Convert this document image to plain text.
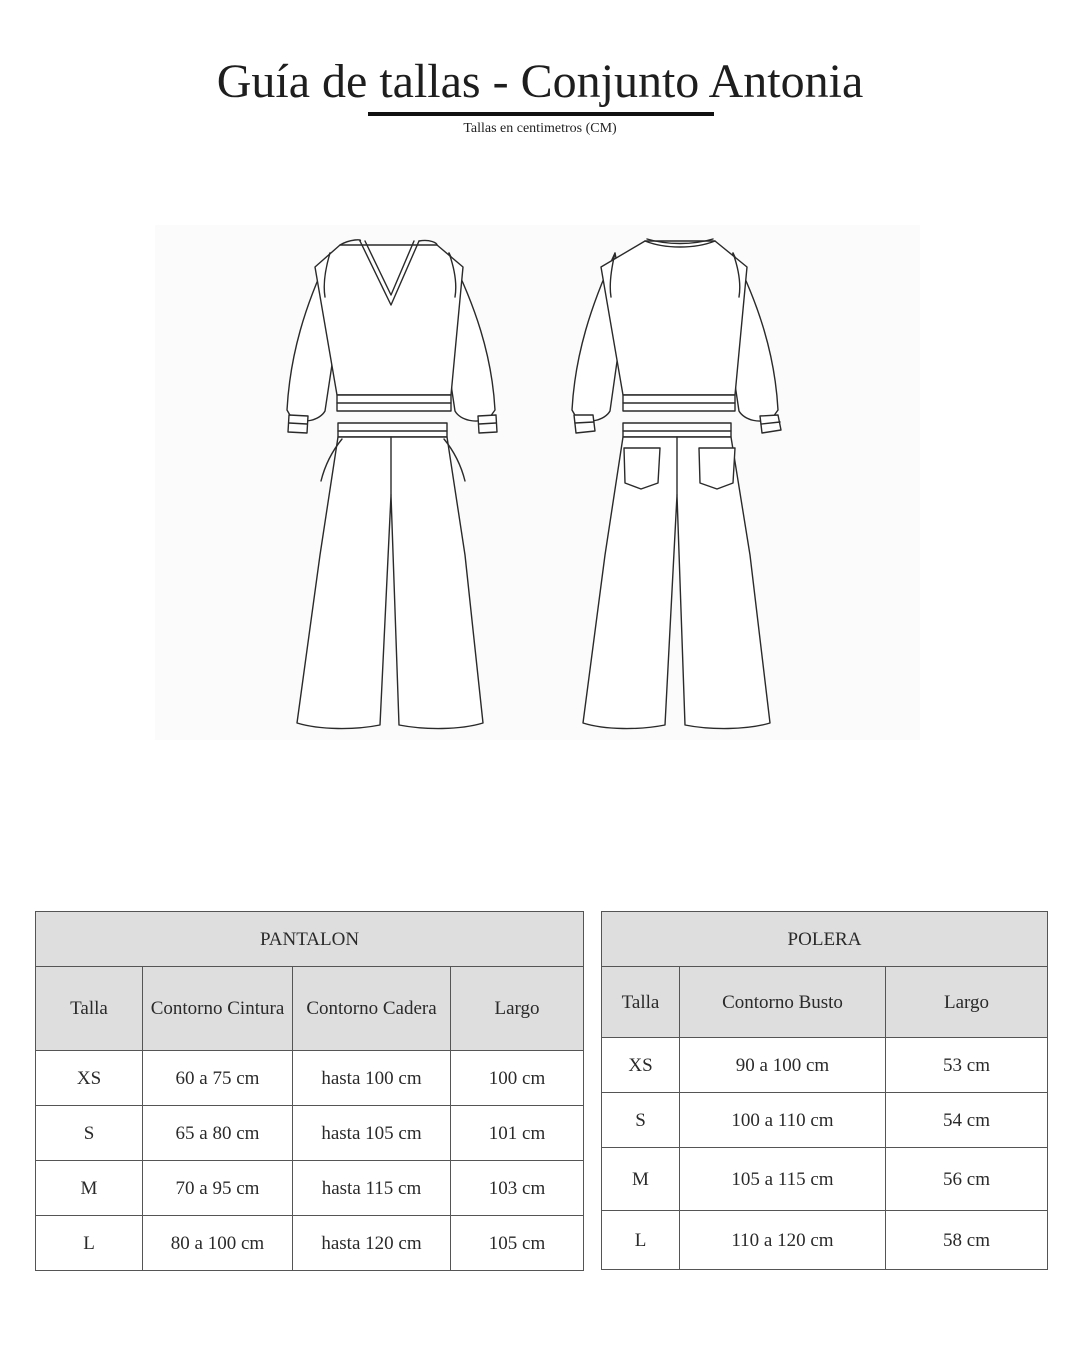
Guía de tallas - Conjunto Antonia
Tallas en centimetros (CM)
PANTALON			
Talla	Contorno Cintura	Contorno Cadera	Largo
XS	60 a 75 cm	hasta 100 cm	100 cm
S	65 a 80 cm	hasta 105 cm	101 cm
M	70 a 95 cm	hasta 115 cm	103 cm
L	80 a 100 cm	hasta 120 cm	105 cm
POLERA		
Talla	Contorno Busto	Largo
XS	90 a 100 cm	53 cm
S	100 a 110 cm	54 cm
M	105 a 115 cm	56 cm
L	110 a 120 cm	58 cm
